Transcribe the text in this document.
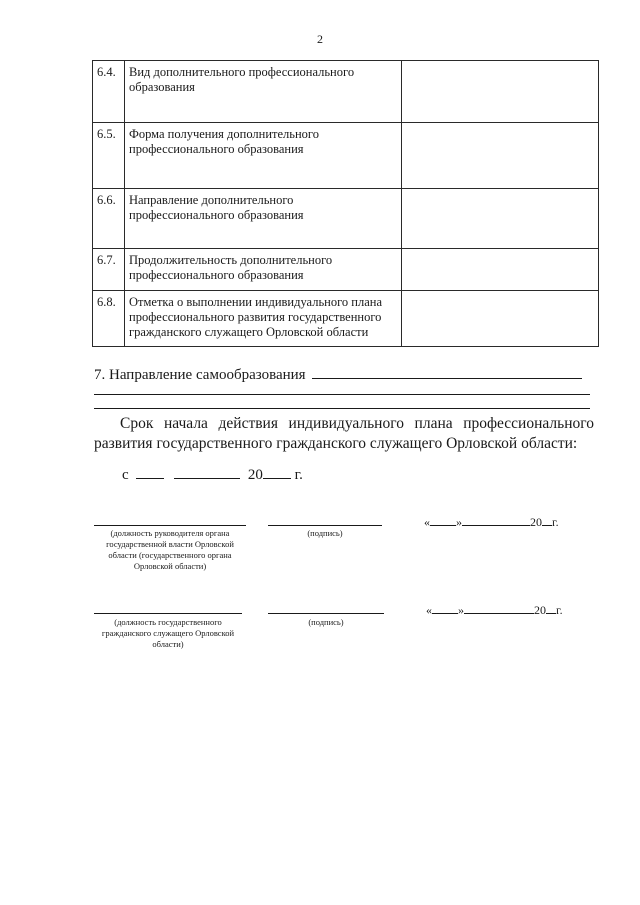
2
6.4.	Вид дополнительного профессионального образования	
6.5.	Форма получения дополнительного профессионального образования	
6.6.	Направление дополнительного профессионального образования	
6.7.	Продолжительность дополнительного профессионального образования	
6.8.	Отметка о выполнении индивидуального плана профессионального развития государственного гражданского служащего Орловской области	
7. Направление самообразования
Срок начала действия индивидуального плана профессионального развития государственного гражданского служащего Орловской области:
с	20 г.
(должность руководителя органа государственной власти Орловской области (государственного органа Орловской области)
(подпись)
« »	20 г.
(должность государственного гражданского служащего Орловской области)
(подпись)
« »	20 г.
